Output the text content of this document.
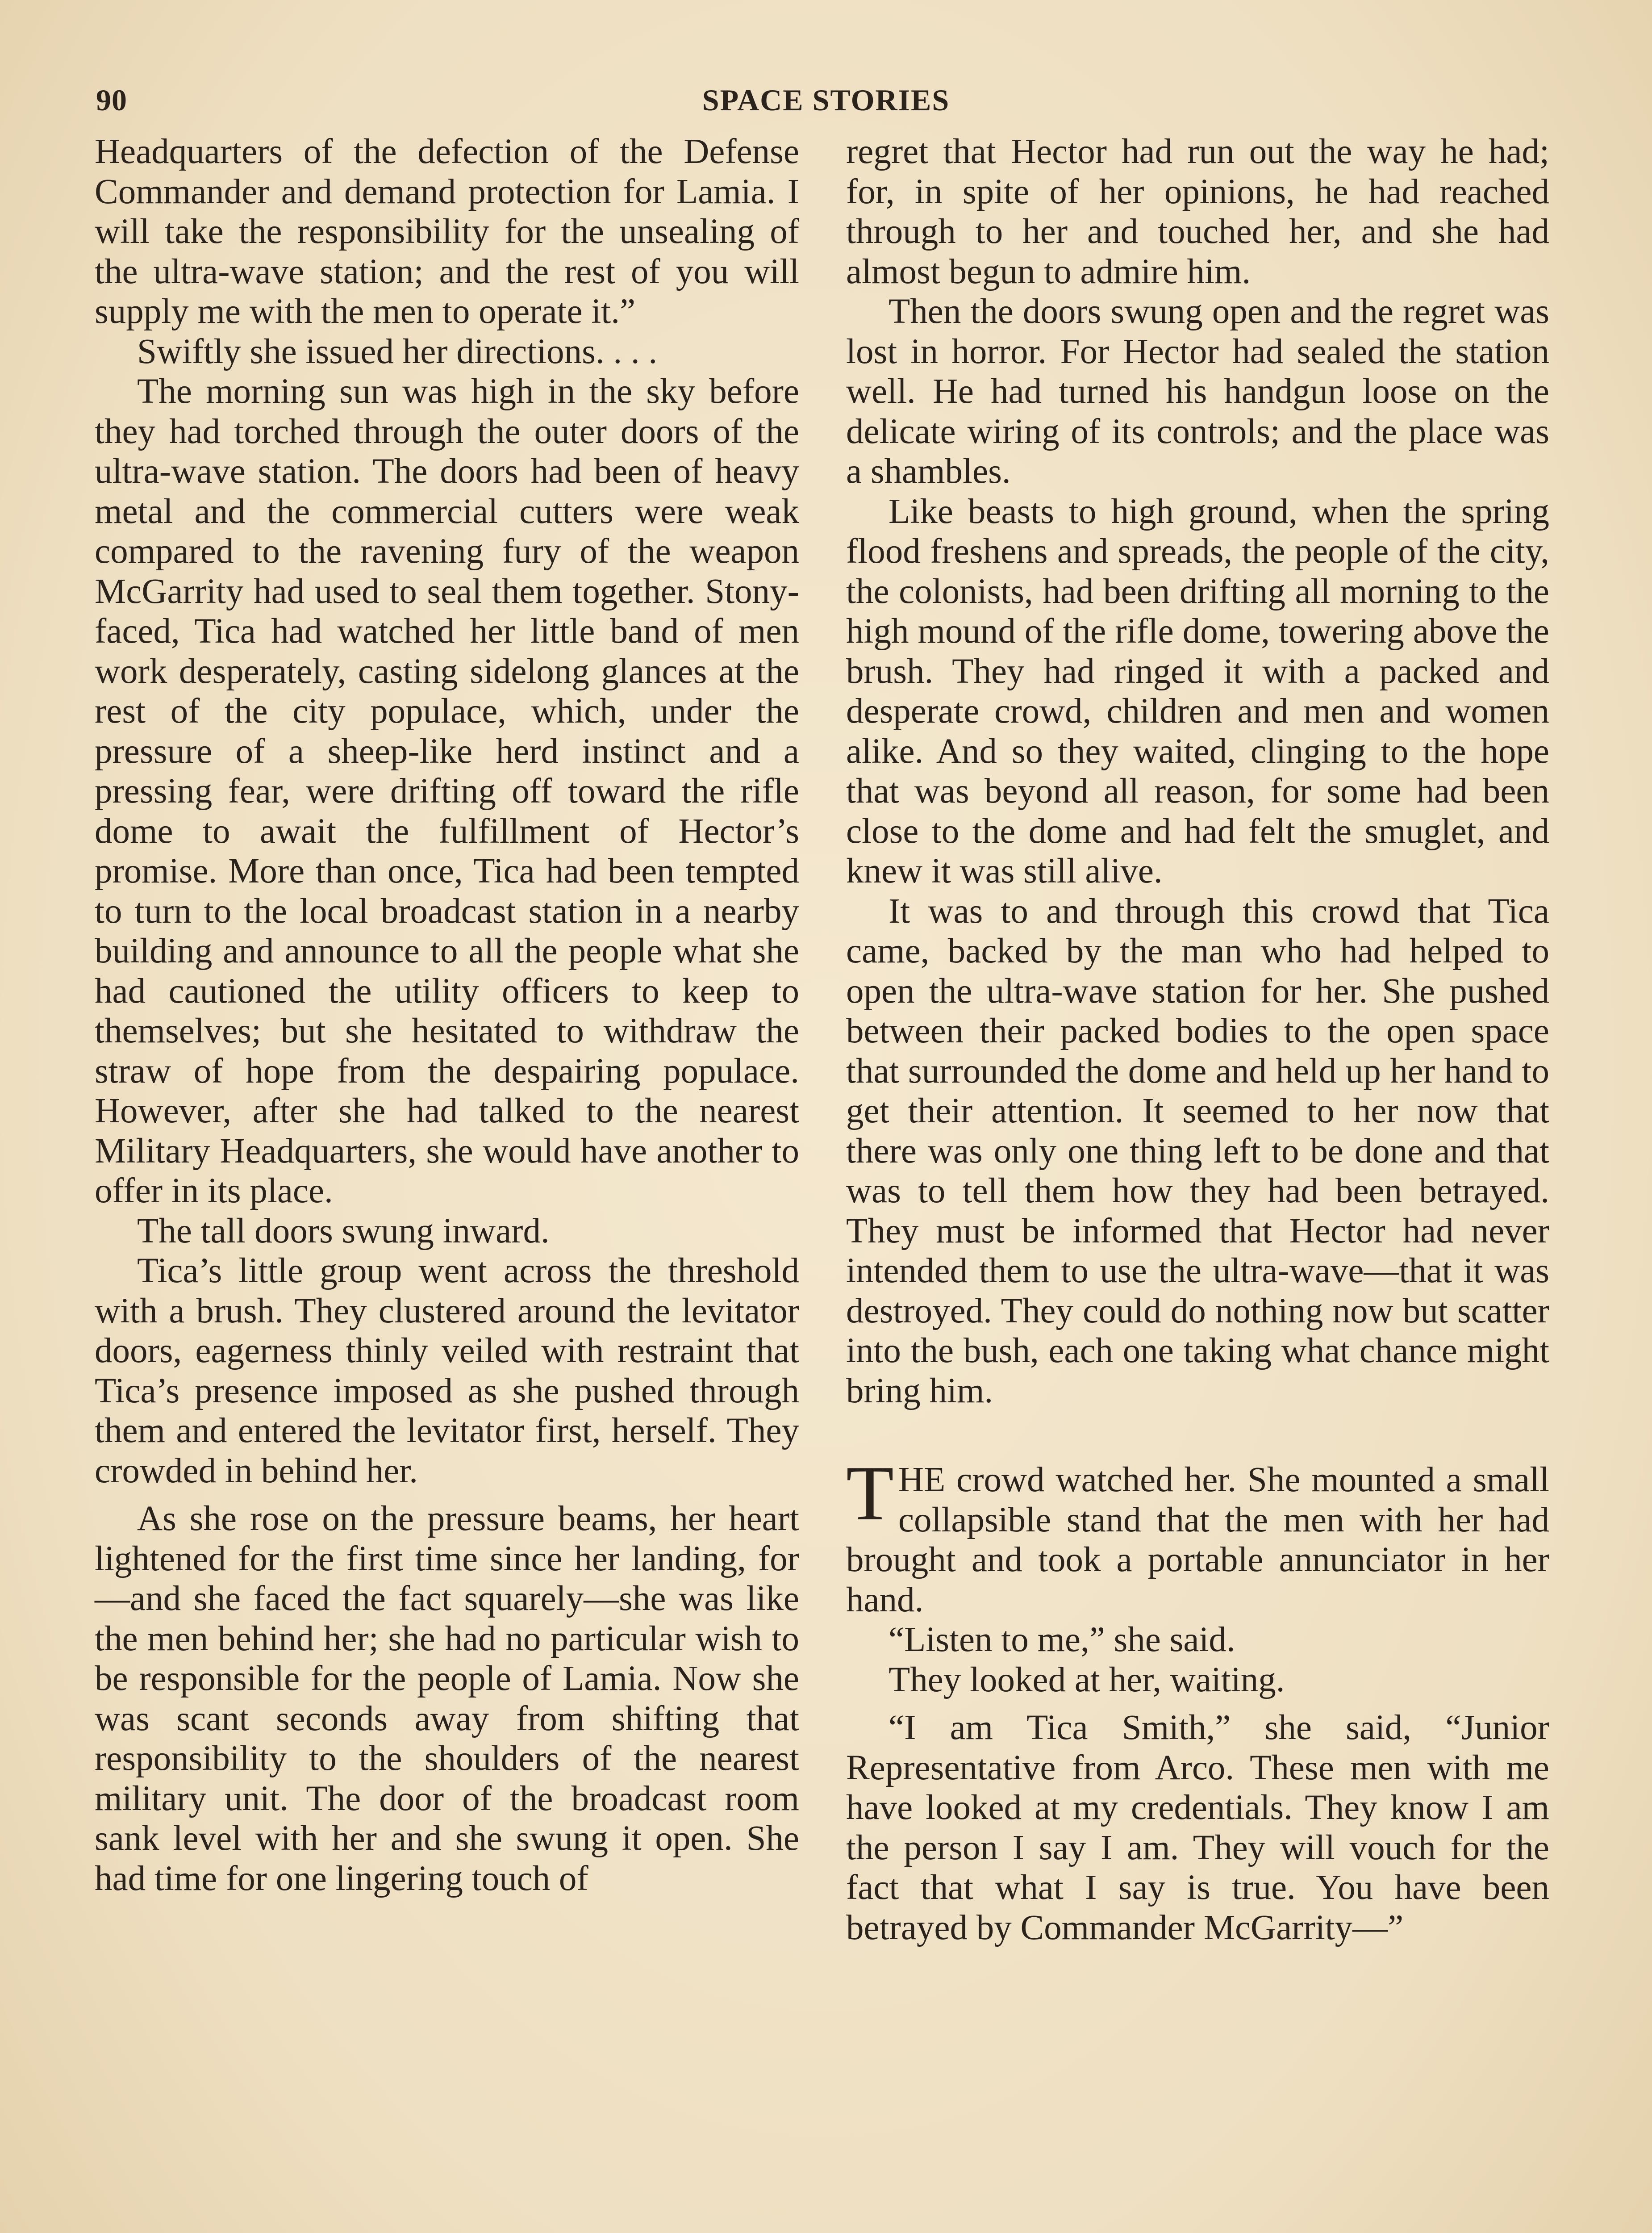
90	SPACE STORIES

Headquarters of the defection of the Defense Commander and demand protection for Lamia. I will take the responsibility for the unsealing of the ultra-wave station; and the rest of you will supply me with the men to operate it.”

Swiftly she issued her directions. . . .

The morning sun was high in the sky before they had torched through the outer doors of the ultra-wave station. The doors had been of heavy metal and the commercial cutters were weak compared to the ravening fury of the weapon McGarrity had used to seal them together. Stony-faced, Tica had watched her little band of men work desperately, casting sidelong glances at the rest of the city populace, which, under the pressure of a sheep-like herd instinct and a pressing fear, were drifting off toward the rifle dome to await the fulfillment of Hector’s promise. More than once, Tica had been tempted to turn to the local broadcast station in a nearby building and announce to all the people what she had cautioned the utility officers to keep to themselves; but she hesitated to withdraw the straw of hope from the despairing populace. However, after she had talked to the nearest Military Headquarters, she would have another to offer in its place.

The tall doors swung inward.

Tica’s little group went across the threshold with a brush. They clustered around the levitator doors, eagerness thinly veiled with restraint that Tica’s presence imposed as she pushed through them and entered the levitator first, herself. They crowded in behind her.

As she rose on the pressure beams, her heart lightened for the first time since her landing, for—and she faced the fact squarely—she was like the men behind her; she had no particular wish to be responsible for the people of Lamia. Now she was scant seconds away from shifting that responsibility to the shoulders of the nearest military unit. The door of the broadcast room sank level with her and she swung it open. She had time for one lingering touch of

regret that Hector had run out the way he had; for, in spite of her opinions, he had reached through to her and touched her, and she had almost begun to admire him.

Then the doors swung open and the regret was lost in horror. For Hector had sealed the station well. He had turned his handgun loose on the delicate wiring of its controls; and the place was a shambles.

Like beasts to high ground, when the spring flood freshens and spreads, the people of the city, the colonists, had been drifting all morning to the high mound of the rifle dome, towering above the brush. They had ringed it with a packed and desperate crowd, children and men and women alike. And so they waited, clinging to the hope that was beyond all reason, for some had been close to the dome and had felt the smuglet, and knew it was still alive.

It was to and through this crowd that Tica came, backed by the man who had helped to open the ultra-wave station for her. She pushed between their packed bodies to the open space that surrounded the dome and held up her hand to get their attention. It seemed to her now that there was only one thing left to be done and that was to tell them how they had been betrayed. They must be informed that Hector had never intended them to use the ultra-wave—that it was destroyed. They could do nothing now but scatter into the bush, each one taking what chance might bring him.

THE crowd watched her. She mounted a small collapsible stand that the men with her had brought and took a portable annunciator in her hand.

“Listen to me,” she said.

They looked at her, waiting.

“I am Tica Smith,” she said, “Junior Representative from Arco. These men with me have looked at my credentials. They know I am the person I say I am. They will vouch for the fact that what I say is true. You have been betrayed by Commander McGarrity—”
